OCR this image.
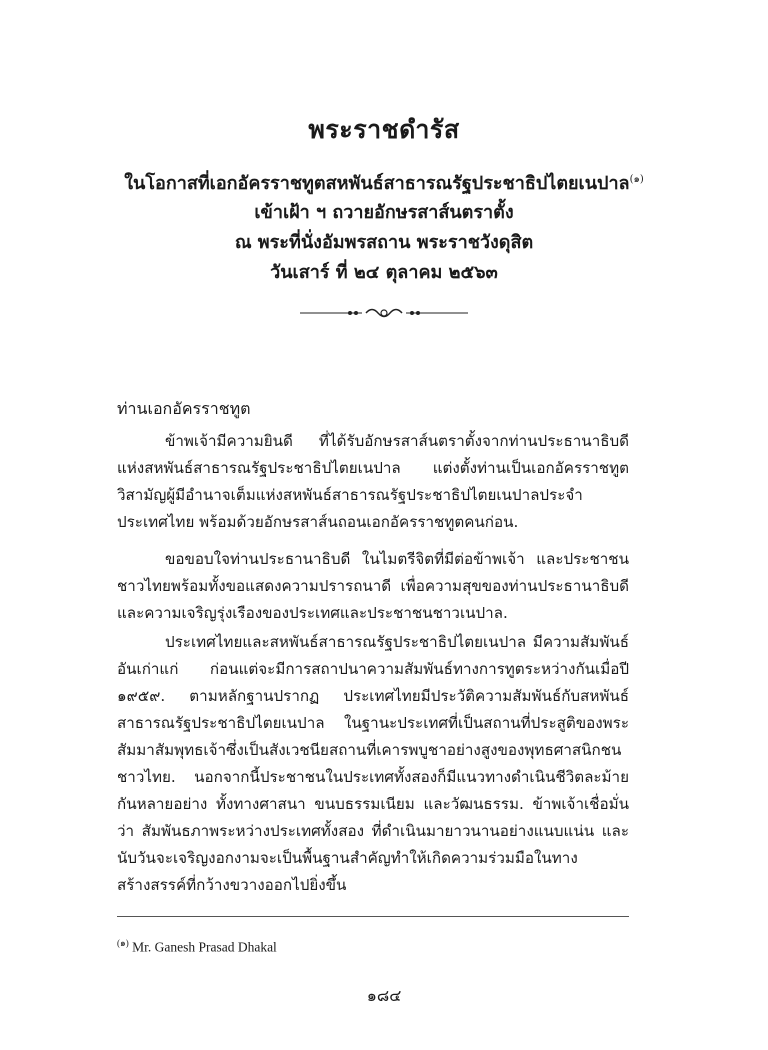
พระราชดำรัส
ในโอกาสที่เอกอัครราชทูตสหพันธ์สาธารณรัฐประชาธิปไตยเนปาล$^{(๑)}$
เข้าเฝ้า ฯ ถวายอักษรสาส์นตราตั้ง
ณ พระที่นั่งอัมพรสถาน พระราชวังดุสิต
วันเสาร์ ที่ ๒๔ ตุลาคม ๒๕๖๓
ท่านเอกอัครราชทูต

ข้าพเจ้ามีความยินดี ที่ได้รับอักษรสาส์นตราตั้งจากท่านประธานาธิบดีแห่งสหพันธ์สาธารณรัฐประชาธิปไตยเนปาล แต่งตั้งท่านเป็นเอกอัครราชทูตวิสามัญผู้มีอำนาจเต็มแห่งสหพันธ์สาธารณรัฐประชาธิปไตยเนปาลประจำประเทศไทย พร้อมด้วยอักษรสาส์นถอนเอกอัครราชทูตคนก่อน.

ขอขอบใจท่านประธานาธิบดี ในไมตรีจิตที่มีต่อข้าพเจ้า และประชาชนชาวไทยพร้อมทั้งขอแสดงความปรารถนาดี เพื่อความสุขของท่านประธานาธิบดี และความเจริญรุ่งเรืองของประเทศและประชาชนชาวเนปาล.

ประเทศไทยและสหพันธ์สาธารณรัฐประชาธิปไตยเนปาล มีความสัมพันธ์อันเก่าแก่ ก่อนแต่จะมีการสถาปนาความสัมพันธ์ทางการทูตระหว่างกันเมื่อปี ๑๙๕๙. ตามหลักฐานปรากฏ ประเทศไทยมีประวัติความสัมพันธ์กับสหพันธ์สาธารณรัฐประชาธิปไตยเนปาล ในฐานะประเทศที่เป็นสถานที่ประสูติของพระสัมมาสัมพุทธเจ้าซึ่งเป็นสังเวชนียสถานที่เคารพบูชาอย่างสูงของพุทธศาสนิกชนชาวไทย. นอกจากนี้ประชาชนในประเทศทั้งสองก็มีแนวทางดำเนินชีวิตละม้ายกันหลายอย่าง ทั้งทางศาสนา ขนบธรรมเนียม และวัฒนธรรม. ข้าพเจ้าเชื่อมั่นว่า สัมพันธภาพระหว่างประเทศทั้งสอง ที่ดำเนินมายาวนานอย่างแนบแน่น และนับวันจะเจริญงอกงามจะเป็นพื้นฐานสำคัญทำให้เกิดความร่วมมือในทางสร้างสรรค์ที่กว้างขวางออกไปยิ่งขึ้น

$^{(๑)}$ Mr. Ganesh Prasad Dhakal
๑๘๔
